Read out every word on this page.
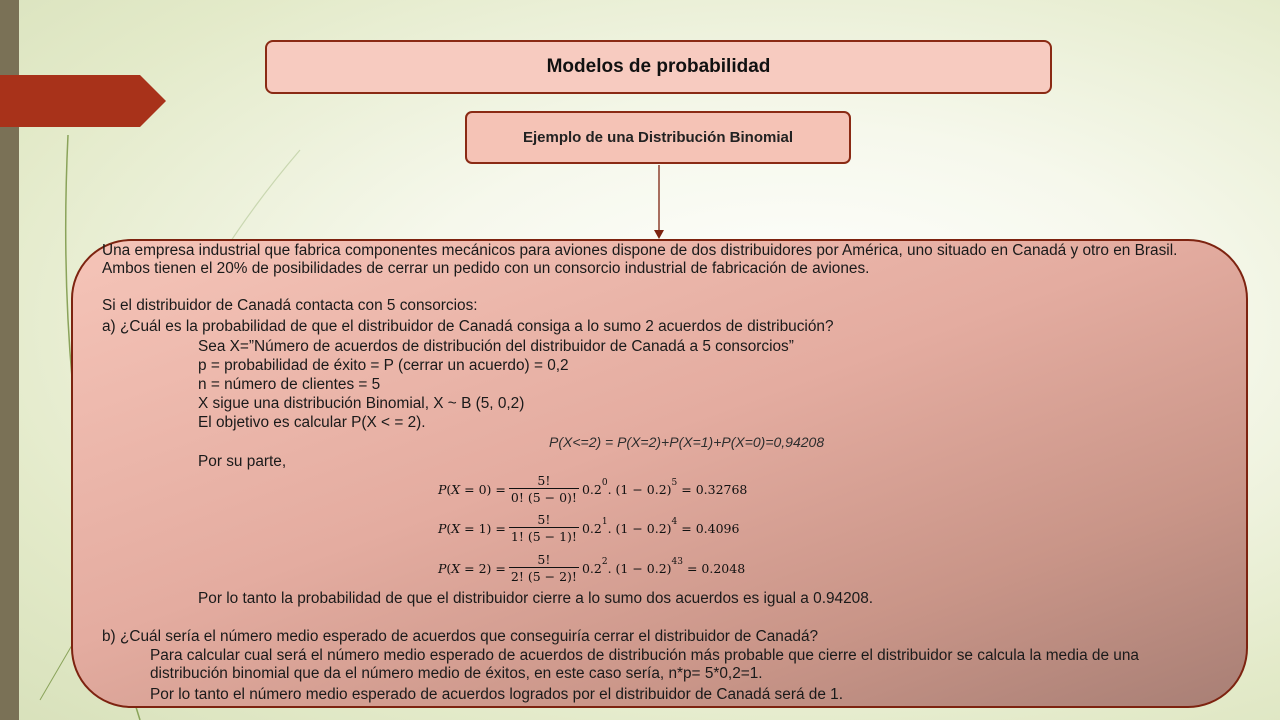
Modelos de probabilidad
Ejemplo de una Distribución Binomial
Una empresa industrial que fabrica componentes mecánicos para aviones dispone de dos distribuidores por América, uno situado en Canadá y otro en Brasil. Ambos tienen el 20% de posibilidades de cerrar un pedido con un consorcio industrial de fabricación de aviones.
Si el distribuidor de Canadá contacta con 5 consorcios:
a) ¿Cuál es la probabilidad de que el distribuidor de Canadá consiga a lo sumo 2 acuerdos de distribución?
Sea X=”Número de acuerdos de distribución del distribuidor de Canadá a 5 consorcios”
p = probabilidad de éxito = P (cerrar un acuerdo) = 0,2
n = número de clientes = 5
X sigue una distribución Binomial, X ~ B (5, 0,2)
El objetivo es calcular P(X < = 2).
P(X<=2) = P(X=2)+P(X=1)+P(X=0)=0,94208
Por su parte,
𝑃(𝑋 = $0) = \frac{5!}{0! (5 - 0)!} 0.2$ 0 . (1 − 0.2) 5
= 0.32768
𝑃(𝑋 = $1) = \frac{5!}{1! (5 - 1)!} 0.2$ 1 . (1 − 0.2) 4
= 0.4096
𝑃(𝑋 = $2) = \frac{5!}{2! (5 - 2)!} 0.2$ 2 . (1 − 0.2) 43
= 0.2048
Por lo tanto la probabilidad de que el distribuidor cierre a lo sumo dos acuerdos es igual a 0.94208.
b) ¿Cuál sería el número medio esperado de acuerdos que conseguiría cerrar el distribuidor de Canadá?
Para calcular cual será el número medio esperado de acuerdos de distribución más probable que cierre el distribuidor se calcula la media de una distribución binomial que da el número medio de éxitos, en este caso sería, n*p= 5*0,2=1.
Por lo tanto el número medio esperado de acuerdos logrados por el distribuidor de Canadá será de 1.
